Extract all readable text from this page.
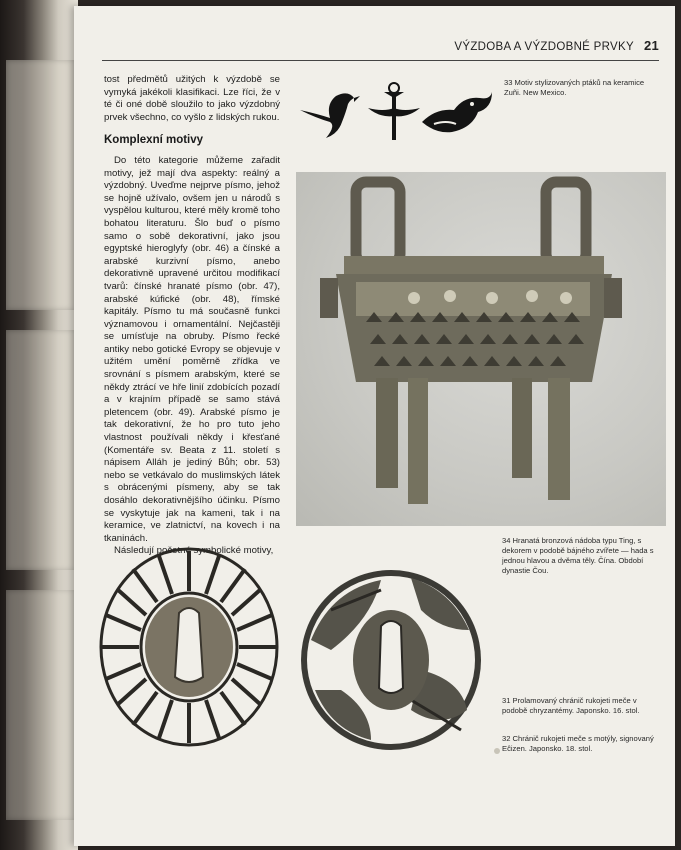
VÝZDOBA A VÝZDOBNÉ PRVKY 21

tost předmětů užitých k výzdobě se vymyká jakékoli klasifikaci. Lze říci, že v té či oné době sloužilo to jako výzdobný prvek všechno, co vyšlo z lidských rukou.

Komplexní motivy

Do této kategorie můžeme zařadit motivy, jež mají dva aspekty: reálný a výzdobný. Uveďme nejprve písmo, jehož se hojně užívalo, ovšem jen u národů s vyspělou kulturou, které měly kromě toho bohatou literaturu. Šlo buď o písmo samo o sobě dekorativní, jako jsou egyptské hieroglyfy (obr. 46) a čínské a arabské kurzivní písmo, anebo dekorativně upravené určitou modifikací tvarů: čínské hranaté písmo (obr. 47), arabské kúfické (obr. 48), římské kapitály. Písmo tu má současně funkci významovou i ornamentální. Nejčastěji se umísťuje na obruby. Písmo řecké antiky nebo gotické Evropy se objevuje v užitém umění poměrně zřídka ve srovnání s písmem arabským, které se někdy ztrácí ve hře linií zdobících pozadí a v krajním případě se samo stává pletencem (obr. 49). Arabské písmo je tak dekorativní, že ho pro tuto jeho vlastnost používali někdy i křesťané (Komentáře sv. Beata z 11. století s nápisem Alláh je jediný Bůh; obr. 53) nebo se vetkávalo do muslimských látek s obrácenými písmeny, aby se tak dosáhlo dekorativnějšího účinku. Písmo se vyskytuje jak na kameni, tak i na keramice, ve zlatnictví, na kovech i na tkaninách.

Následují početné symbolické motivy,

33 Motiv stylizovaných ptáků na keramice Zuñi. New Mexico.
34 Hranatá bronzová nádoba typu Ting, s dekorem v podobě bájného zvířete — hada s jednou hlavou a dvěma těly. Čína. Období dynastie Čou.
31 Prolamovaný chránič rukojeti meče v podobě chryzantémy. Japonsko. 16. stol.
32 Chránič rukojeti meče s motýly, signovaný Eĉizen. Japonsko. 18. stol.
